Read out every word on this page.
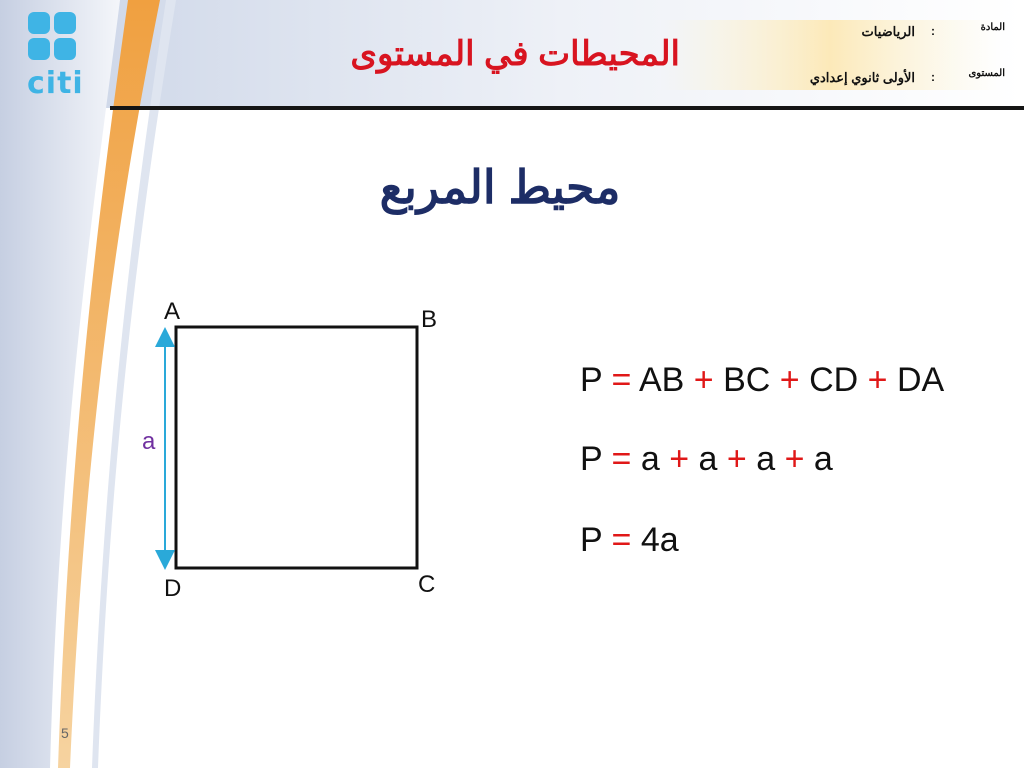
citi
المحيطات في المستوى
المادة
:
الرياضيات
المستوى
:
الأولى ثانوي إعدادي
محيط المربع
A	B
C
D
a
P = AB + BC + CD + DA
P = a + a + a + a
P = 4a
5
